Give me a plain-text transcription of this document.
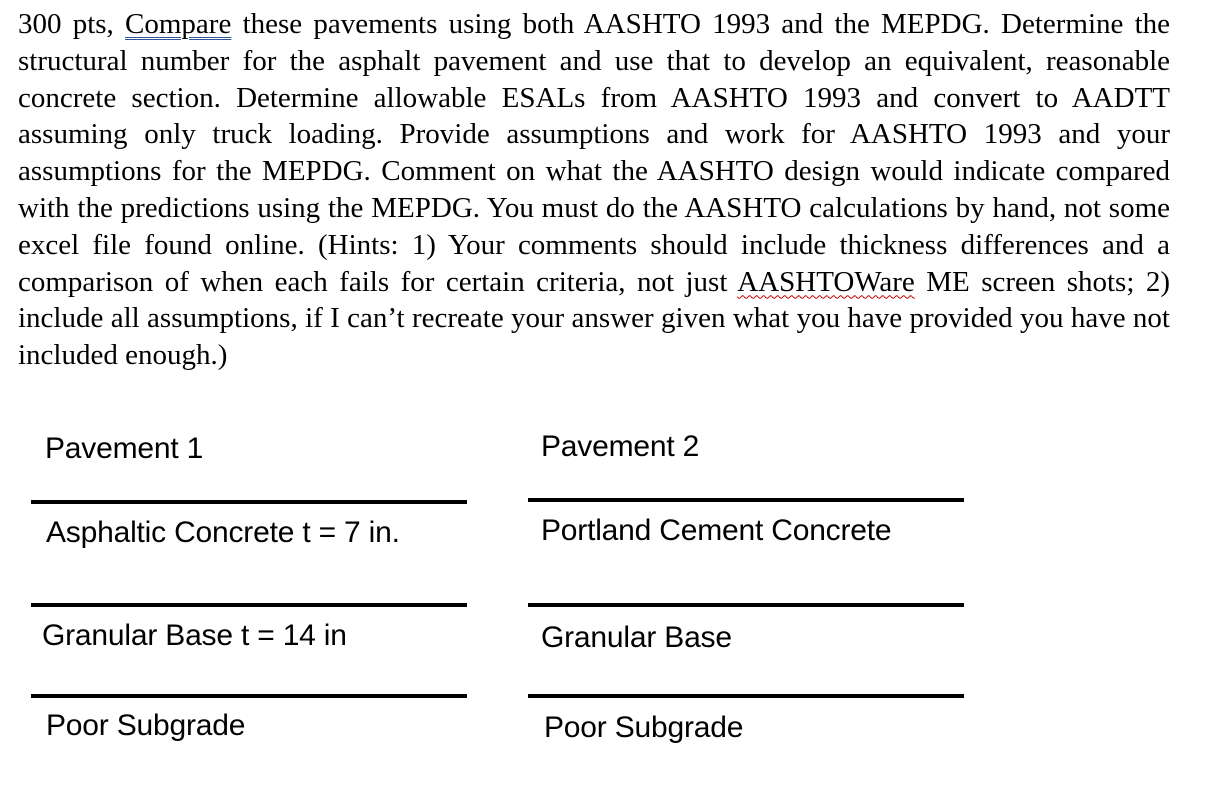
300 pts, Compare these pavements using both AASHTO 1993 and the MEPDG. Determine the structural number for the asphalt pavement and use that to develop an equivalent, reasonable concrete section. Determine allowable ESALs from AASHTO 1993 and convert to AADTT assuming only truck loading. Provide assumptions and work for AASHTO 1993 and your assumptions for the MEPDG. Comment on what the AASHTO design would indicate compared with the predictions using the MEPDG. You must do the AASHTO calculations by hand, not some excel file found online. (Hints: 1) Your comments should include thickness differences and a comparison of when each fails for certain criteria, not just AASHTOWare ME screen shots; 2) include all assumptions, if I can’t recreate your answer given what you have provided you have not included enough.)
Pavement 1
Asphaltic Concrete t = 7 in.
Granular Base t = 14 in
Poor Subgrade
Pavement 2
Portland Cement Concrete
Granular Base
Poor Subgrade
